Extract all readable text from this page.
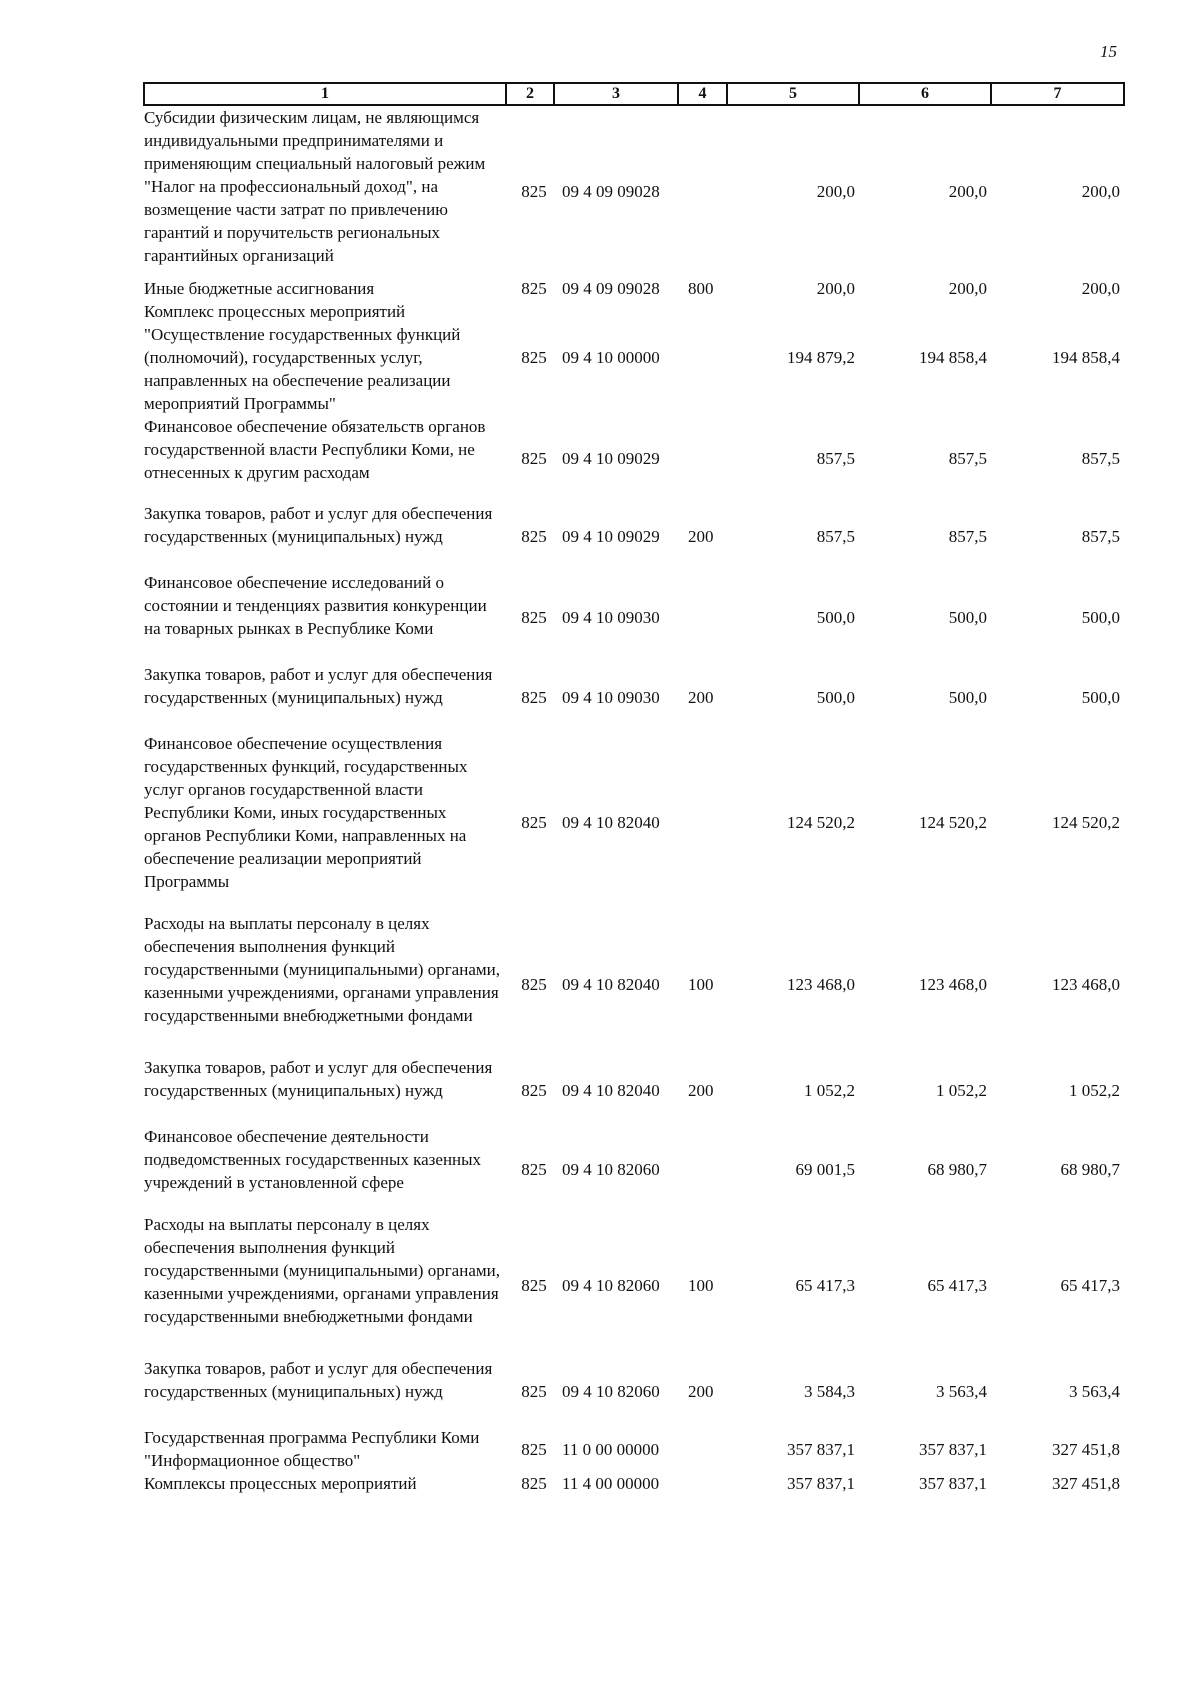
15
1	2	3	4	5	6	7
Субсидии физическим лицам, не являющимся индивидуальными предпринимателями и применяющим специальный налоговый режим "Налог на профессиональный доход", на возмещение части затрат по привлечению гарантий и поручительств региональных гарантийных организаций	825	09 4 09 09028		200,0	200,0	200,0
Иные бюджетные ассигнования	825	09 4 09 09028	800	200,0	200,0	200,0
Комплекс процессных мероприятий "Осуществление государственных функций (полномочий), государственных услуг, направленных на обеспечение реализации мероприятий Программы"	825	09 4 10 00000		194 879,2	194 858,4	194 858,4
Финансовое обеспечение обязательств органов государственной власти Республики Коми, не отнесенных к другим расходам	825	09 4 10 09029		857,5	857,5	857,5
Закупка товаров, работ и услуг для обеспечения государственных (муниципальных) нужд	825	09 4 10 09029	200	857,5	857,5	857,5
Финансовое обеспечение исследований о состоянии и тенденциях развития конкуренции на товарных рынках в Республике Коми	825	09 4 10 09030		500,0	500,0	500,0
Закупка товаров, работ и услуг для обеспечения государственных (муниципальных) нужд	825	09 4 10 09030	200	500,0	500,0	500,0
Финансовое обеспечение осуществления государственных функций, государственных услуг органов государственной власти Республики Коми, иных государственных органов Республики Коми, направленных на обеспечение реализации мероприятий Программы	825	09 4 10 82040		124 520,2	124 520,2	124 520,2
Расходы на выплаты персоналу в целях обеспечения выполнения функций государственными (муниципальными) органами, казенными учреждениями, органами управления государственными внебюджетными фондами	825	09 4 10 82040	100	123 468,0	123 468,0	123 468,0
Закупка товаров, работ и услуг для обеспечения государственных (муниципальных) нужд	825	09 4 10 82040	200	1 052,2	1 052,2	1 052,2
Финансовое обеспечение деятельности подведомственных государственных казенных учреждений в установленной сфере	825	09 4 10 82060		69 001,5	68 980,7	68 980,7
Расходы на выплаты персоналу в целях обеспечения выполнения функций государственными (муниципальными) органами, казенными учреждениями, органами управления государственными внебюджетными фондами	825	09 4 10 82060	100	65 417,3	65 417,3	65 417,3
Закупка товаров, работ и услуг для обеспечения государственных (муниципальных) нужд	825	09 4 10 82060	200	3 584,3	3 563,4	3 563,4
Государственная программа Республики Коми "Информационное общество"	825	11 0 00 00000		357 837,1	357 837,1	327 451,8
Комплексы процессных мероприятий	825	11 4 00 00000		357 837,1	357 837,1	327 451,8
